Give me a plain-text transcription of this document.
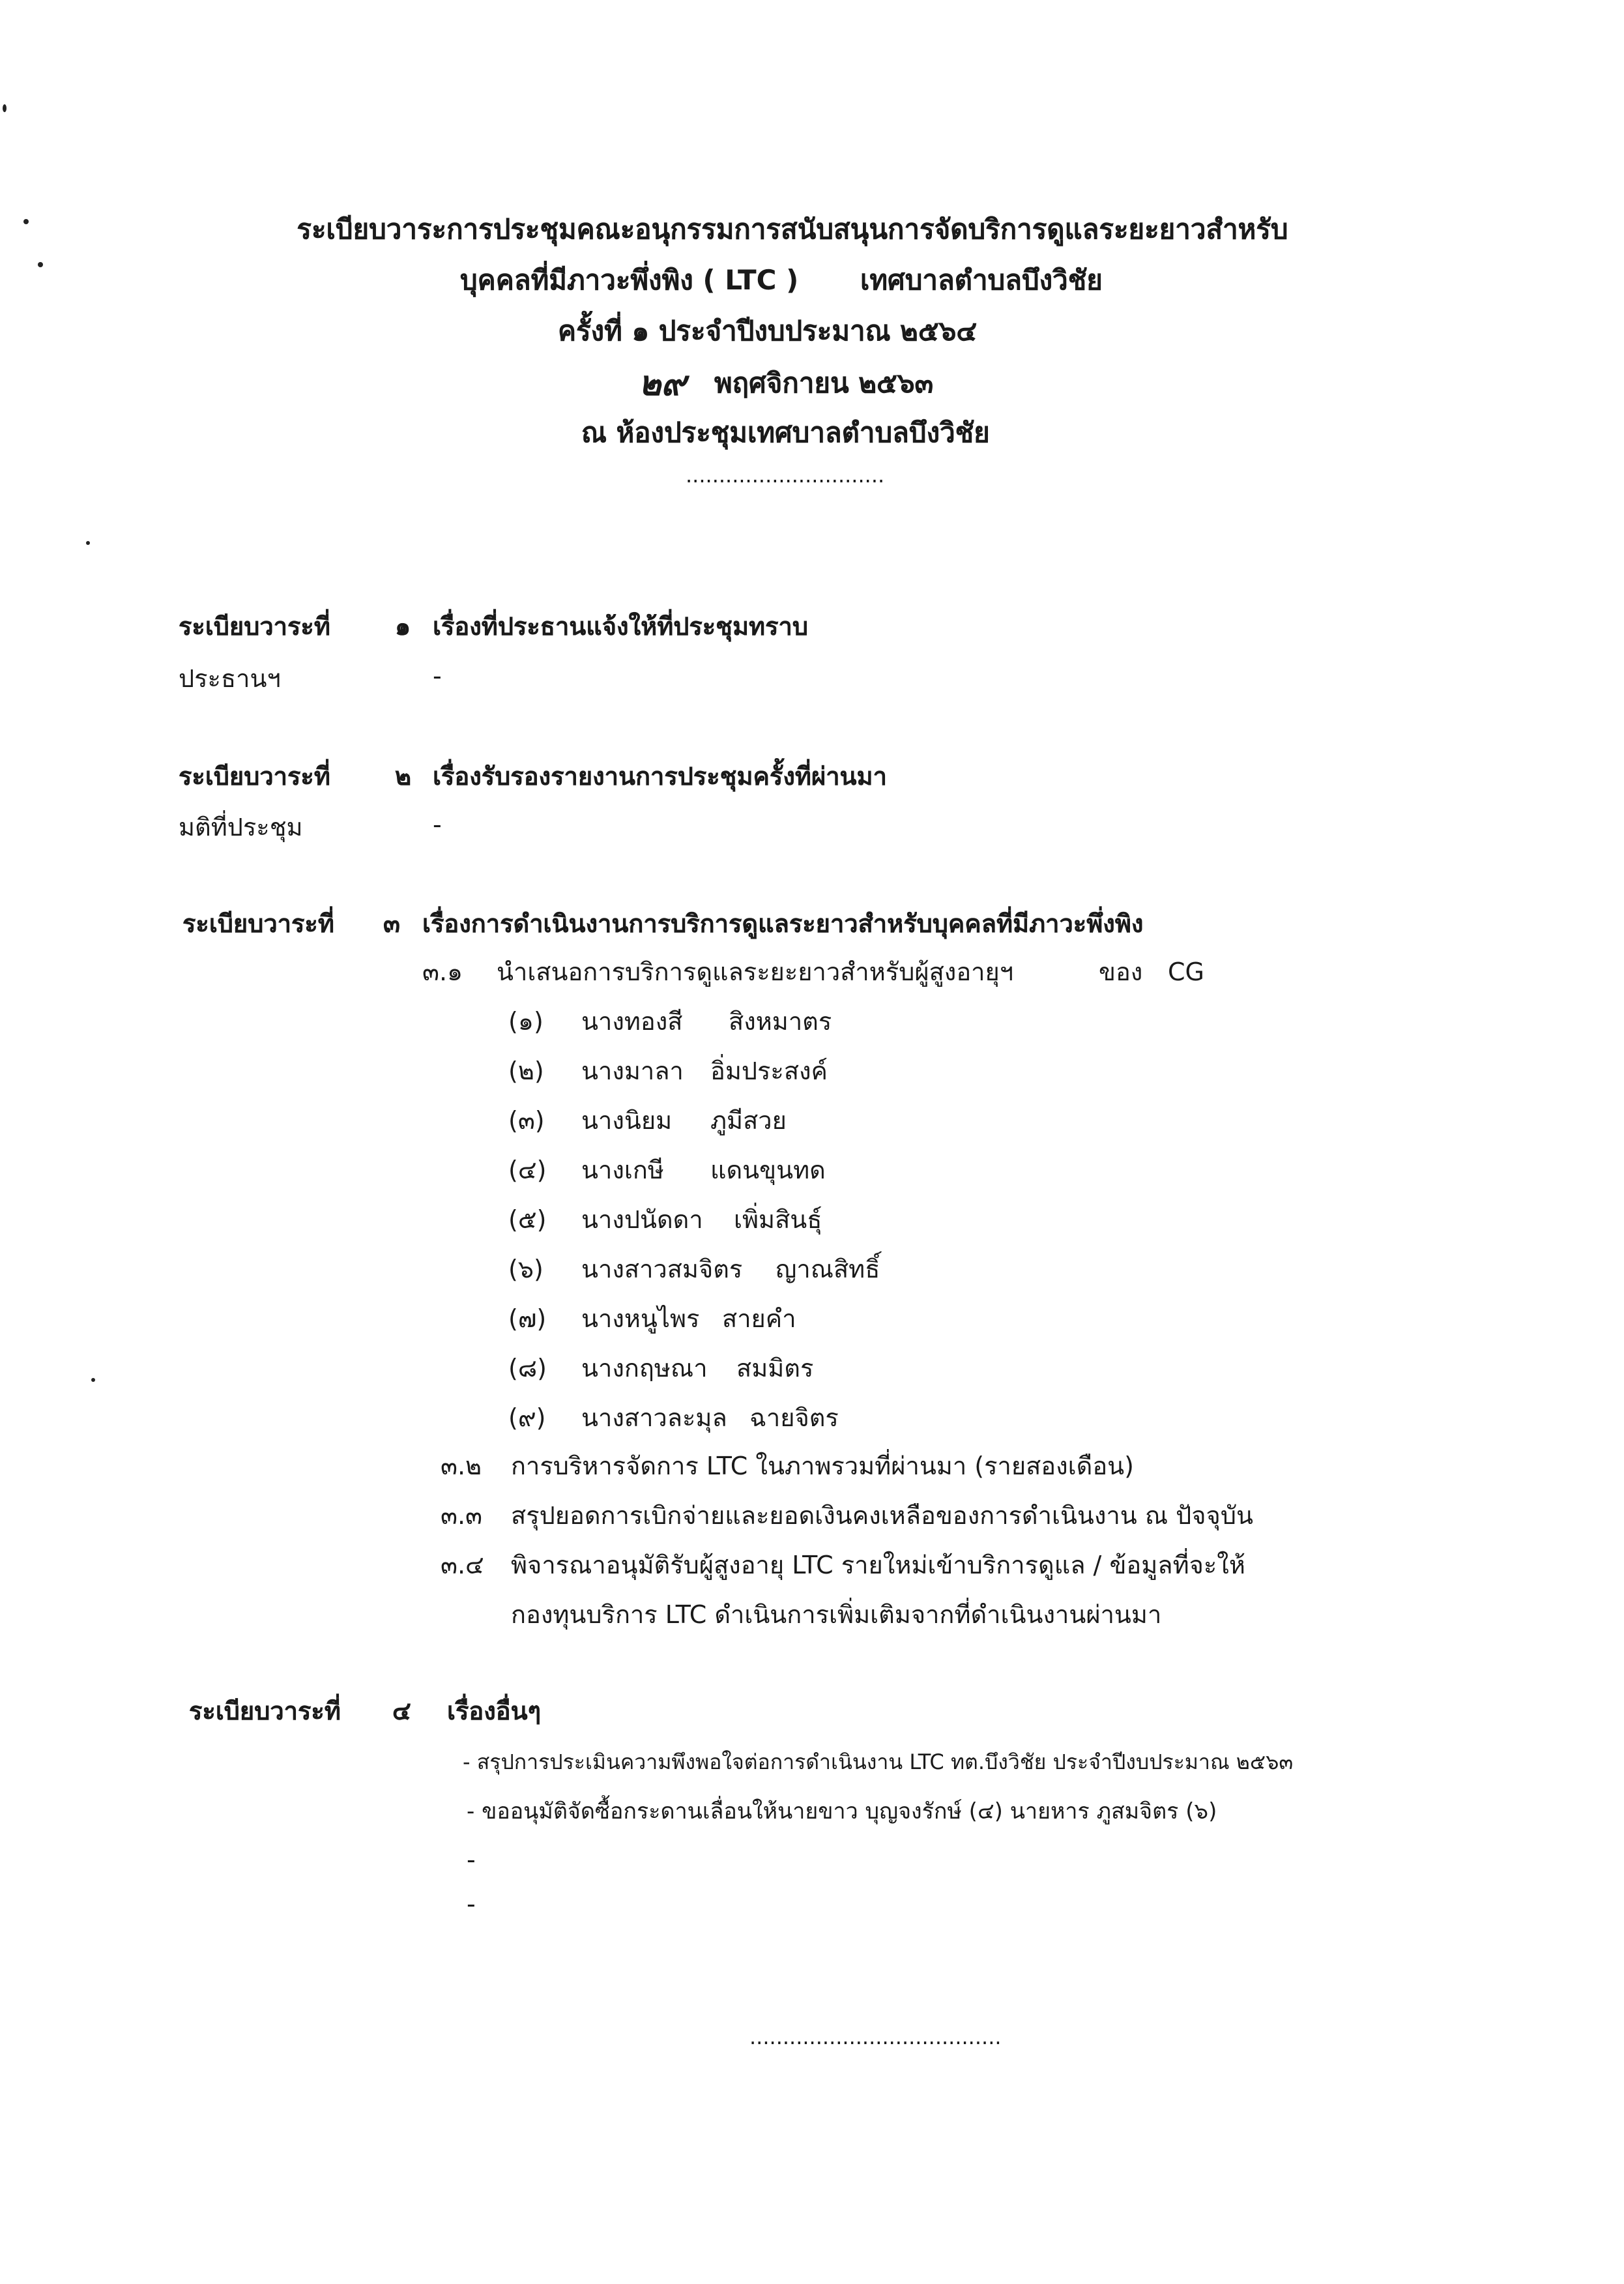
ระเบียบวาระการประชุมคณะอนุกรรมการสนับสนุนการจัดบริการดูแลระยะยาวสำหรับ
บุคคลที่มีภาวะพึ่งพิง ( LTC )	เทศบาลตำบลบึงวิชัย
ครั้งที่ ๑ ประจำปีงบประมาณ ๒๕๖๔
๒๙ พฤศจิกายน ๒๕๖๓
ณ ห้องประชุมเทศบาลตำบลบึงวิชัย
..............................
ระเบียบวาระที่	๑ เรื่องที่ประธานแจ้งให้ที่ประชุมทราบ
ประธานฯ	-
ระเบียบวาระที่	๒ เรื่องรับรองรายงานการประชุมครั้งที่ผ่านมา
มติที่ประชุม	-
ระเบียบวาระที่	๓ เรื่องการดำเนินงานการบริการดูแลระยาวสำหรับบุคคลที่มีภาวะพึ่งพิง
๓.๑	นำเสนอการบริการดูแลระยะยาวสำหรับผู้สูงอายุฯ	ของ CG
(๑)	นางทองสี	สิงหมาตร
(๒)	นางมาลา อิ่มประสงค์
(๓)	นางนิยม	ภูมีสวย
(๔)	นางเกษี	แดนขุนทด
(๕)	นางปนัดดา เพิ่มสินธุ์
(๖)	นางสาวสมจิตร	ญาณสิทธิ์
(๗)	นางหนูไพร สายคำ
(๘)	นางกฤษณา สมมิตร
(๙)	นางสาวละมุล ฉายจิตร
๓.๒ การบริหารจัดการ LTC ในภาพรวมที่ผ่านมา (รายสองเดือน)
๓.๓ สรุปยอดการเบิกจ่ายและยอดเงินคงเหลือของการดำเนินงาน ณ ปัจจุบัน
๓.๔ พิจารณาอนุมัติรับผู้สูงอายุ LTC รายใหม่เข้าบริการดูแล / ข้อมูลที่จะให้
กองทุนบริการ LTC ดำเนินการเพิ่มเติมจากที่ดำเนินงานผ่านมา
ระเบียบวาระที่	๔	เรื่องอื่นๆ
- สรุปการประเมินความพึงพอใจต่อการดำเนินงาน LTC ทต.บึงวิชัย ประจำปีงบประมาณ ๒๕๖๓
- ขออนุมัติจัดซื้อกระดานเลื่อนให้นายขาว บุญจงรักษ์ (๔) นายหาร ภูสมจิตร (๖)
-
-
......................................
